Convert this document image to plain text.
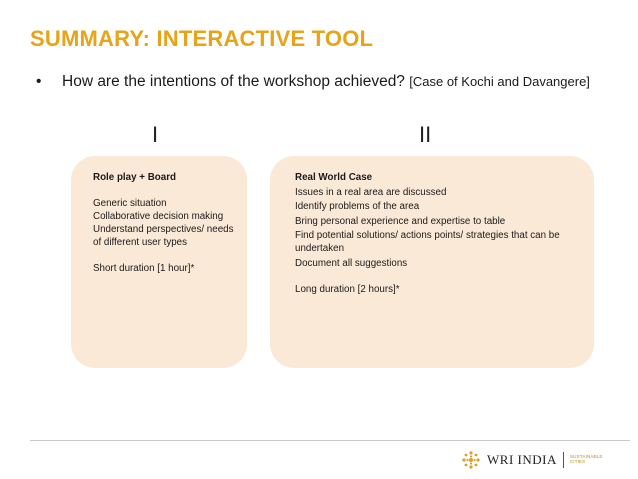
SUMMARY: INTERACTIVE TOOL
•	How are the intentions of the workshop achieved? [Case of Kochi and Davangere]
I	II

Role play + Board

Generic situation

Collaborative decision making

Understand perspectives/ needs of different user types

Short duration [1 hour]*

Real World Case

Issues in a real area are discussed

Identify problems of the area

Bring personal experience and expertise to table

Find potential solutions/ actions points/ strategies that can be undertaken

Document all suggestions

Long duration [2 hours]*

WRI INDIA	SUSTAINABLE CITIES
